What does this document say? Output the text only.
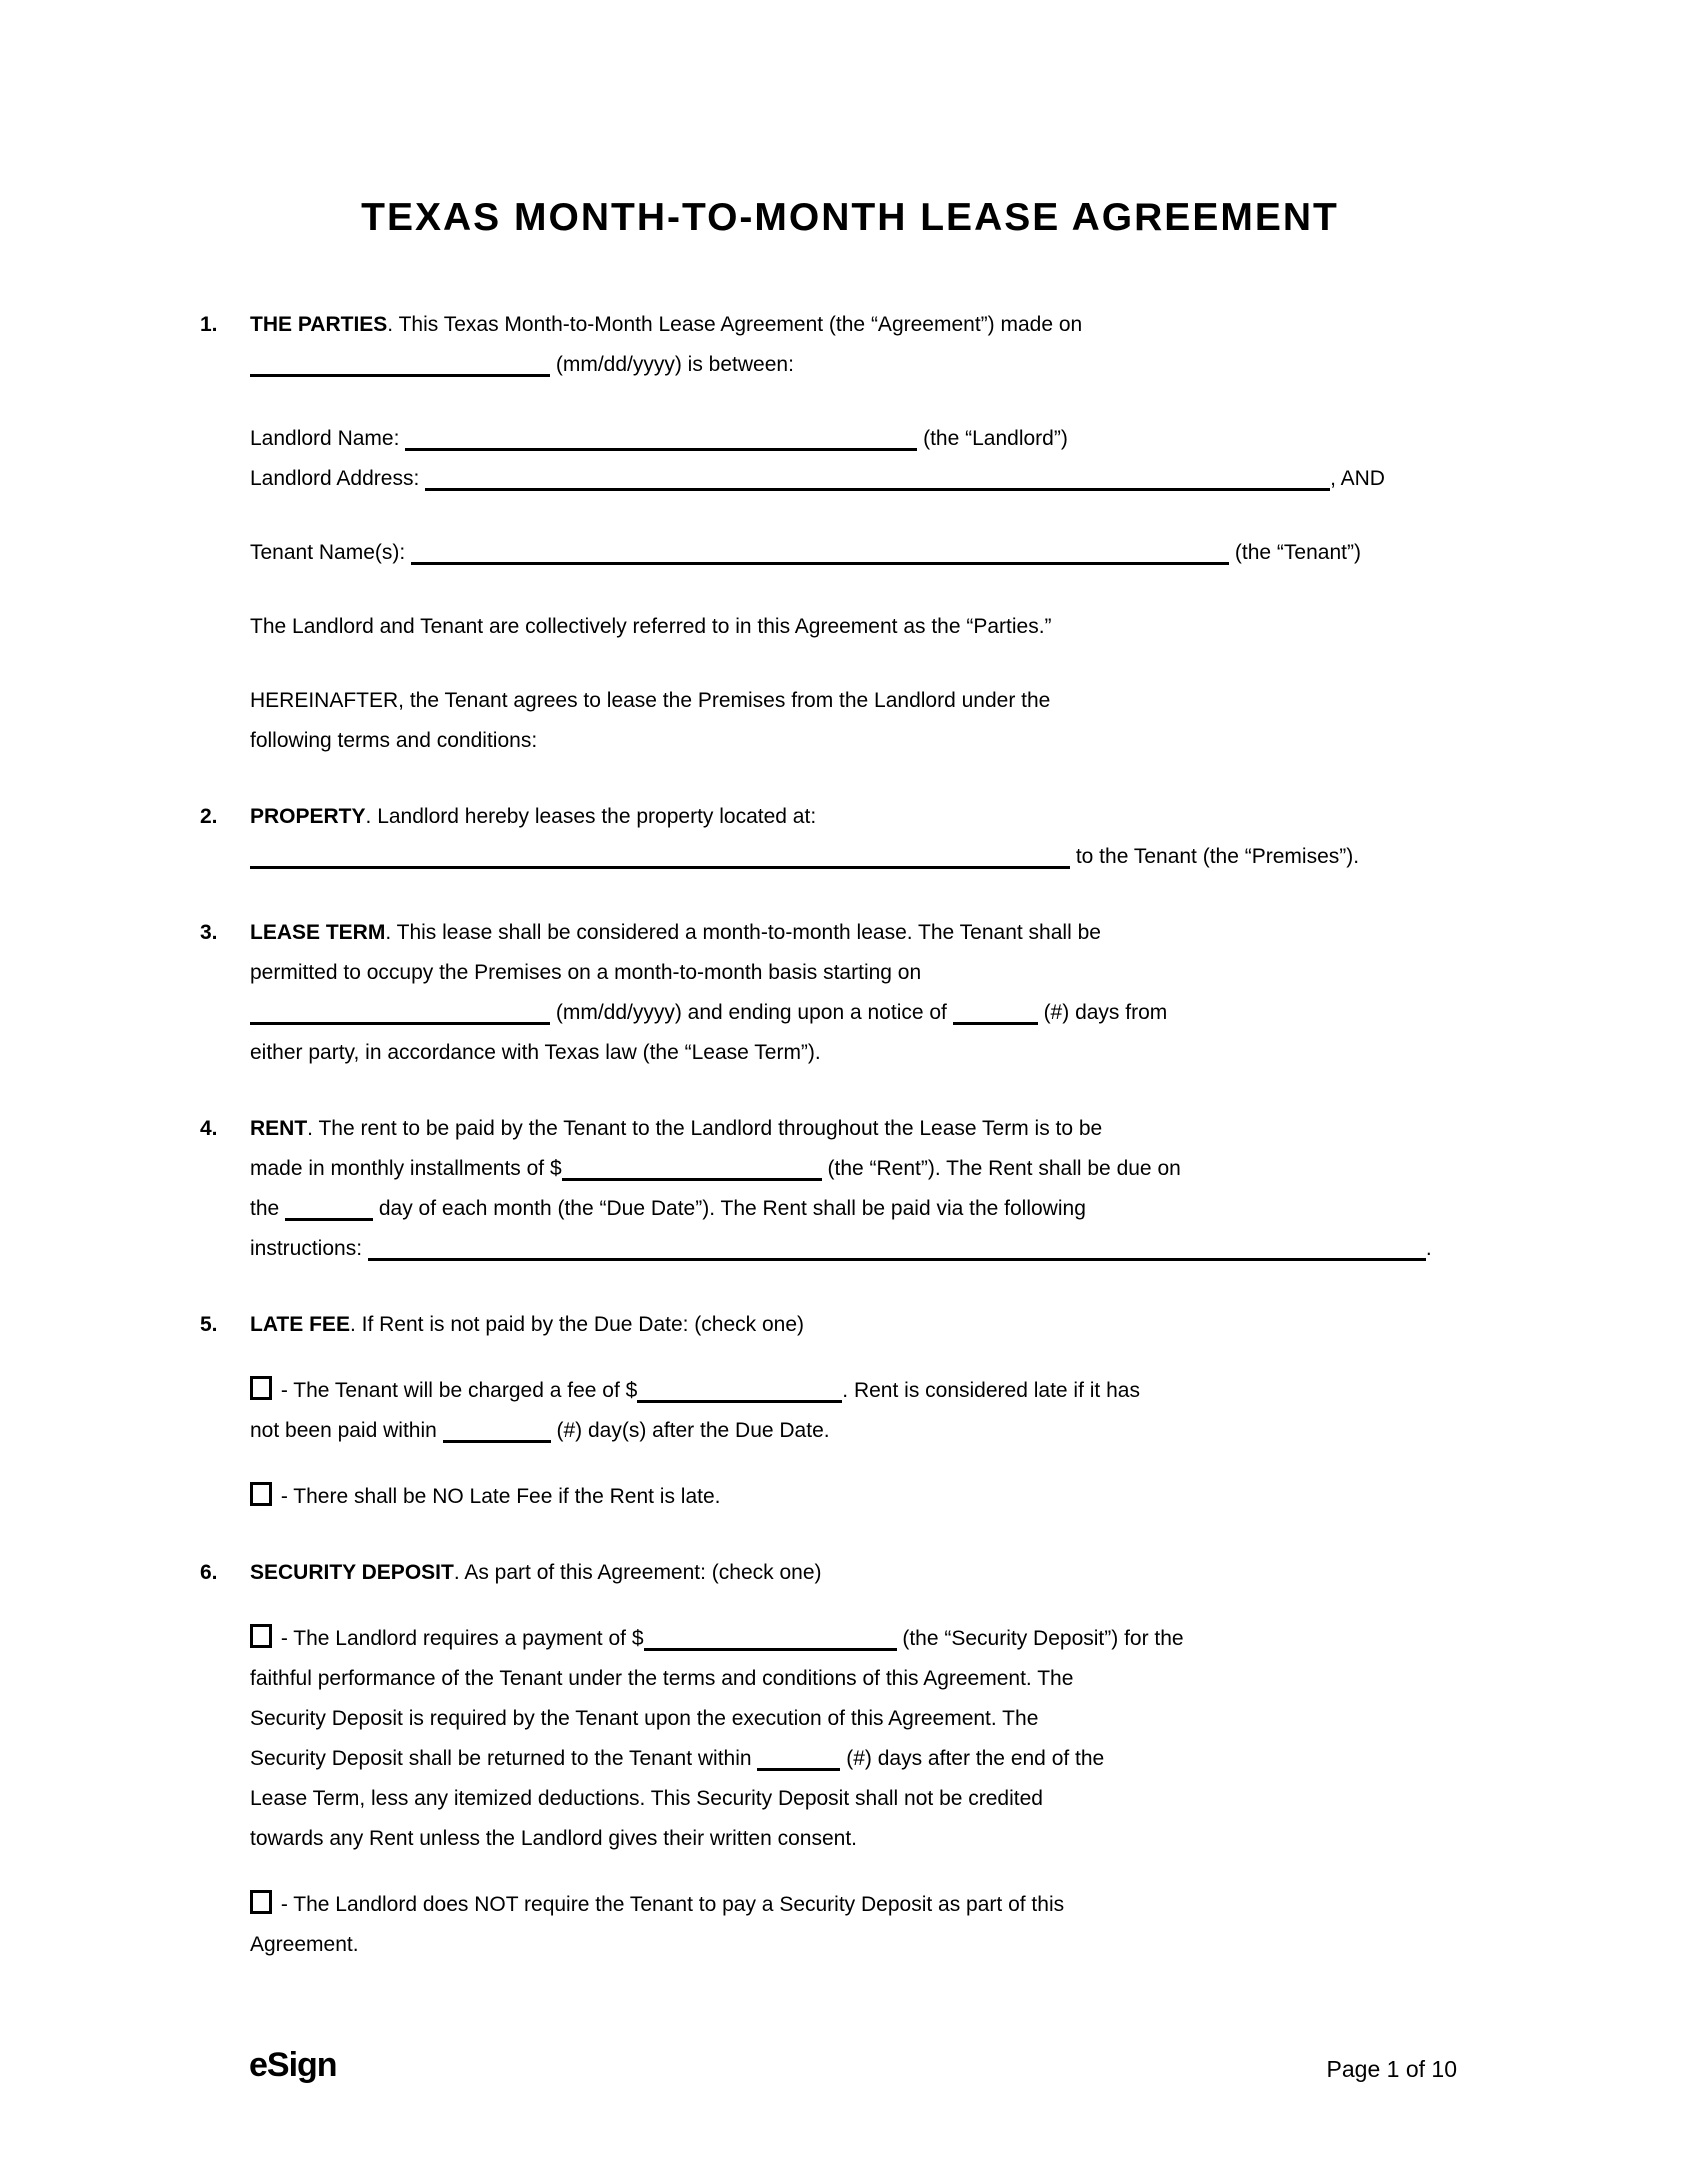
TEXAS MONTH-TO-MONTH LEASE AGREEMENT
1.	THE PARTIES. This Texas Month-to-Month Lease Agreement (the “Agreement”) made on
(mm/dd/yyyy) is between:
Landlord Name:	(the “Landlord”)
Landlord Address:	, AND
Tenant Name(s):	(the “Tenant”)
The Landlord and Tenant are collectively referred to in this Agreement as the “Parties.”
HEREINAFTER, the Tenant agrees to lease the Premises from the Landlord under the
following terms and conditions:
2.	PROPERTY. Landlord hereby leases the property located at:
to the Tenant (the “Premises”).
3.	LEASE TERM. This lease shall be considered a month-to-month lease. The Tenant shall be
permitted to occupy the Premises on a month-to-month basis starting on
(mm/dd/yyyy) and ending upon a notice of	(#) days from
either party, in accordance with Texas law (the “Lease Term”).
4.	RENT. The rent to be paid by the Tenant to the Landlord throughout the Lease Term is to be
made in monthly installments of $	(the “Rent”). The Rent shall be due on
the	day of each month (the “Due Date”). The Rent shall be paid via the following
instructions:	.
5.	LATE FEE. If Rent is not paid by the Due Date: (check one)
- The Tenant will be charged a fee of $	. Rent is considered late if it has
not been paid within	(#) day(s) after the Due Date.
- There shall be NO Late Fee if the Rent is late.
6.	SECURITY DEPOSIT. As part of this Agreement: (check one)
- The Landlord requires a payment of $	(the “Security Deposit”) for the
faithful performance of the Tenant under the terms and conditions of this Agreement. The
Security Deposit is required by the Tenant upon the execution of this Agreement. The
Security Deposit shall be returned to the Tenant within	(#) days after the end of the
Lease Term, less any itemized deductions. This Security Deposit shall not be credited
towards any Rent unless the Landlord gives their written consent.
- The Landlord does NOT require the Tenant to pay a Security Deposit as part of this
Agreement.
eSign	Page 1 of 10
